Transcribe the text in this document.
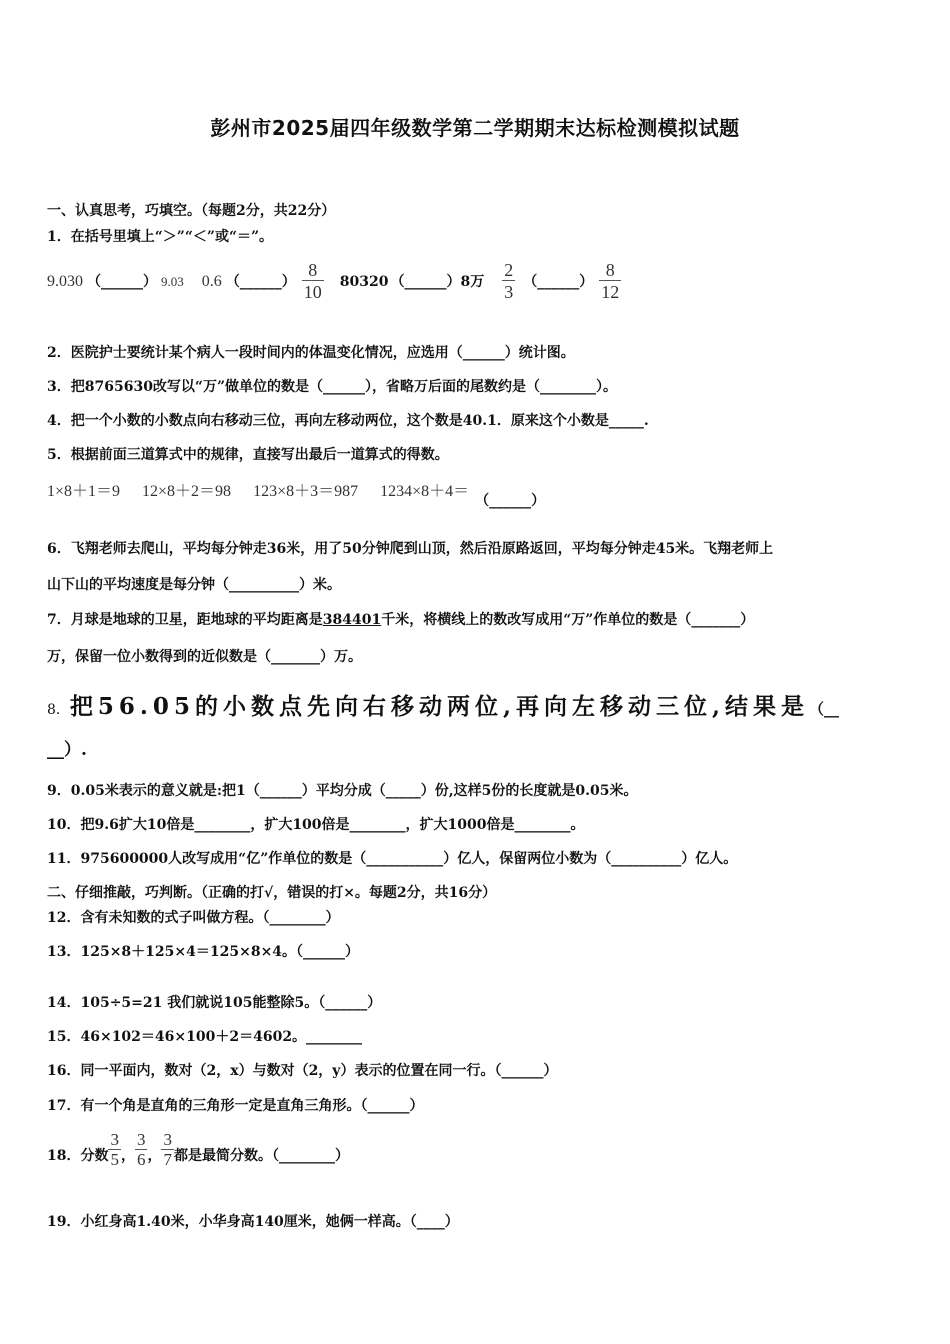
彭州市2025届四年级数学第二学期期末达标检测模拟试题
一、认真思考，巧填空。（每题2分，共22分）
1．在括号里填上“＞”“＜”或“＝”。
9.030 （______） 9.03 0.6 （______） $\frac{8}{10} 80320$ （______） 8万 $\frac{2}{3}$ （______） $\frac{8}{12}$
2．医院护士要统计某个病人一段时间内的体温变化情况，应选用（______）统计图。
3．把8765630改写以“万”做单位的数是（______），省略万后面的尾数约是（________）。
4．把一个小数的小数点向右移动三位，再向左移动两位，这个数是40.1．原来这个小数是_____.
5．根据前面三道算式中的规律，直接写出最后一道算式的得数。
1×8＋1＝9 12×8＋2＝98 123×8＋3＝987 1234×8＋4＝
（______）
6．飞翔老师去爬山，平均每分钟走36米，用了50分钟爬到山顶，然后沿原路返回，平均每分钟走45米。飞翔老师上
山下山的平均速度是每分钟（__________）米。
7．月球是地球的卫星，距地球的平均距离是384401千米，将横线上的数改写成用“万”作单位的数是（_______）
万，保留一位小数得到的近似数是（_______）万。
8． 把56.05的小数点先向右移动两位,再向左移动三位,结果是 （__
__）.
9．0.05米表示的意义就是:把1（______）平均分成（_____）份,这样5份的长度就是0.05米。
10．把9.6扩大10倍是________，扩大100倍是________，扩大1000倍是________。
11．975600000人改写成用“亿”作单位的数是（___________）亿人，保留两位小数为（__________）亿人。
二、仔细推敲，巧判断。（正确的打√，错误的打×。每题2分，共16分）
12．含有未知数的式子叫做方程。（________）
13．125×8＋125×4＝125×8×4。（______）
14．105÷5=21 我们就说105能整除5。（______）
15．46×102＝46×100＋2＝4602。________
16．同一平面内，数对（2，x）与数对（2，y）表示的位置在同一行。（______）
17．有一个角是直角的三角形一定是直角三角形。（______）
18．分数 $\frac{3}{5}$ ， $\frac{3}{6}$ ， $\frac{3}{7}$ 都是最简分数。（________）
19．小红身高1.40米，小华身高140厘米，她俩一样高。（____）
